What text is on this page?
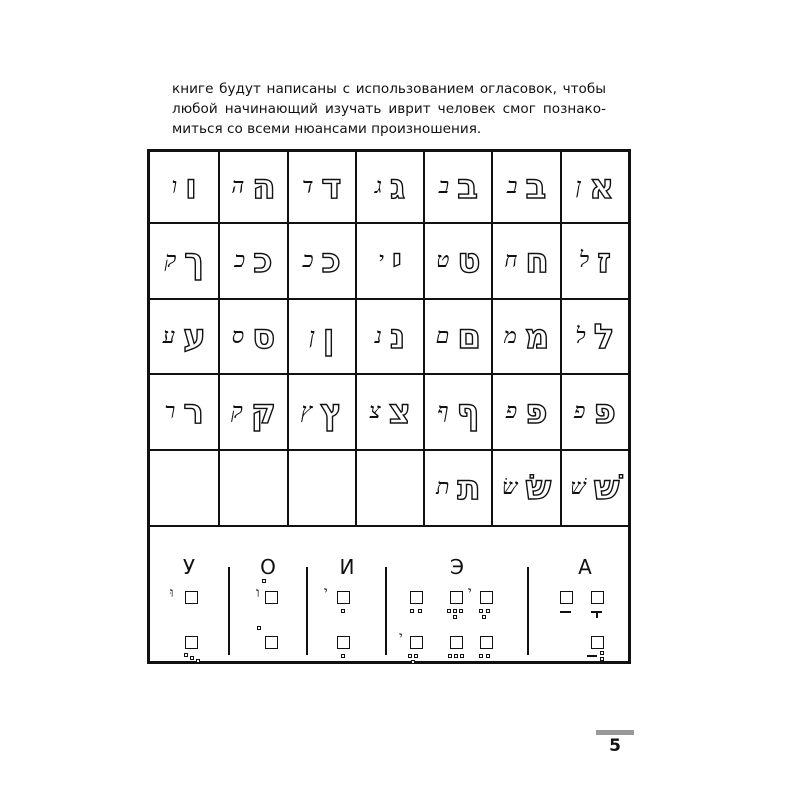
книге будут написаны с использованием огласовок, чтобы
любой начинающий изучать иврит человек смог познако-
миться со всеми нюансами произношения.
א
ן
ב
ב
ב
ב
ג
ג
ד
ד
ה
ה
ו
ו
ז
ל
ח
ח
ט
ט
י
י
כ
כ
כ
כ
ך
ק
ל
ל
מ
מ
ם
ם
נ
נ
ן
ן
ס
ס
ע
ע
פ
פ
פ
פ
ף
ף
צ
צ
ץ
ץ
ק
ק
ר
ר
שׁ
שׁ
שׂ
שׂ
ת
ת
А
Э
י
י
И
י
О
ו
У
וּ
5
